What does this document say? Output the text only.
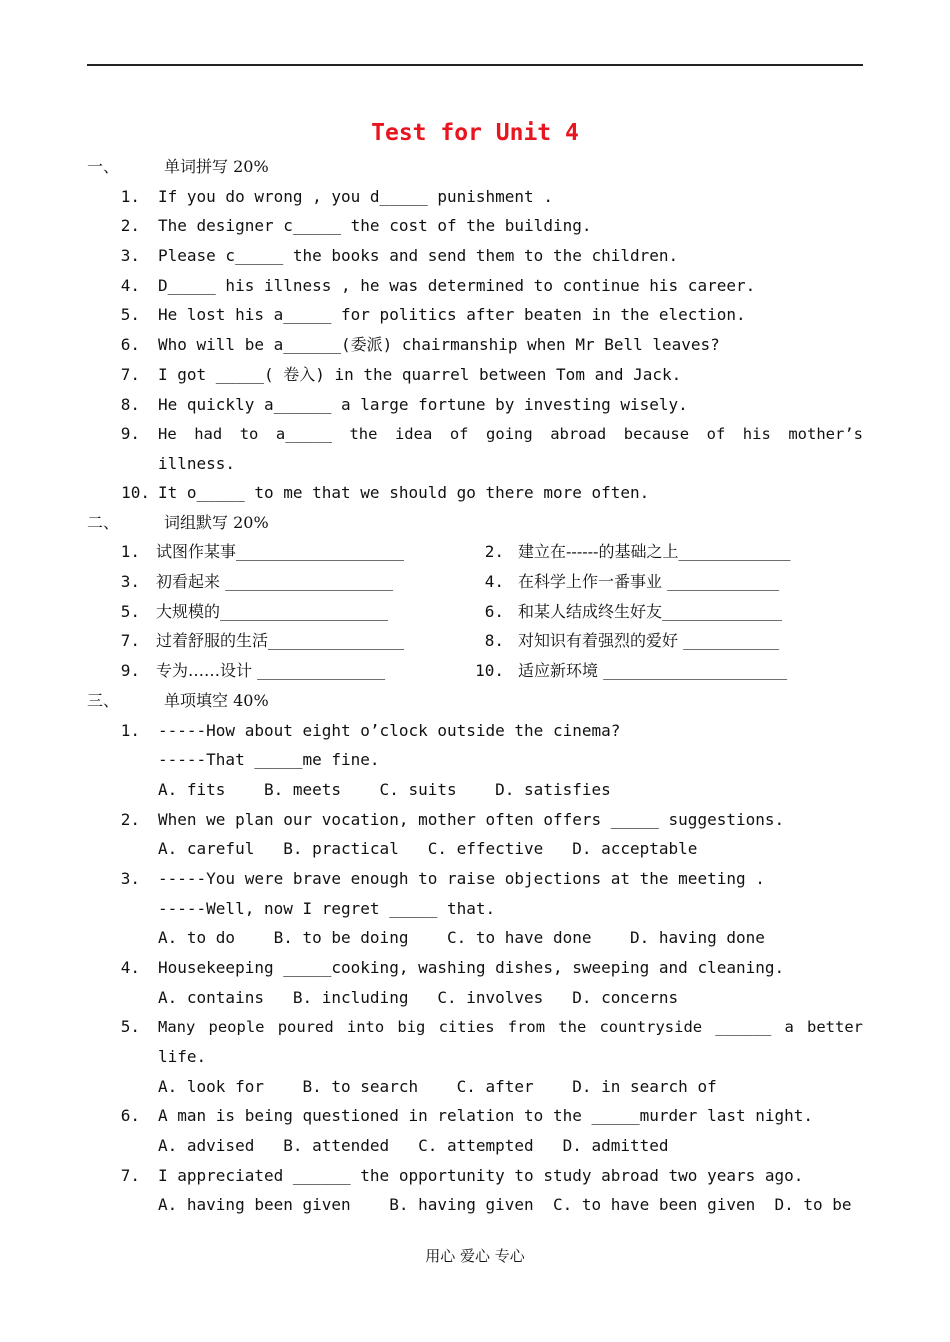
Test for Unit 4
一、	单词拼写 20%
1. If you do wrong , you d_____ punishment .
2. The designer c_____ the cost of the building.
3. Please c_____ the books and send them to the children.
4. D_____ his illness , he was determined to continue his career.
5. He lost his a_____ for politics after beaten in the election.
6. Who will be a______(委派) chairmanship when Mr Bell leaves?
7. I got _____( 卷入) in the quarrel between Tom and Jack.
8. He quickly a______ a large fortune by investing wisely.
9. He had to a_____ the idea of going abroad because of his mother’s
illness.
10. It o_____ to me that we should go there more often.
二、	词组默写 20%
1. 试图作某事_____________________	2. 建立在------的基础之上______________
3. 初看起来 _____________________	4. 在科学上作一番事业 ______________
5. 大规模的_____________________	6. 和某人结成终生好友_______________
7. 过着舒服的生活_________________	8. 对知识有着强烈的爱好 ____________
9. 专为……设计 ________________	10. 适应新环境 _______________________
三、	单项填空 40%
1. -----How about eight o’clock outside the cinema?
-----That _____me fine.
A. fits    B. meets    C. suits    D. satisfies
2. When we plan our vocation, mother often offers _____ suggestions.
A. careful   B. practical   C. effective   D. acceptable
3. -----You were brave enough to raise objections at the meeting .
-----Well, now I regret _____ that.
A. to do    B. to be doing    C. to have done    D. having done
4. Housekeeping _____cooking, washing dishes, sweeping and cleaning.
A. contains   B. including   C. involves   D. concerns
5. Many people poured into big cities from the countryside ______ a better
life.
A. look for    B. to search    C. after    D. in search of
6. A man is being questioned in relation to the _____murder last night.
A. advised   B. attended   C. attempted   D. admitted
7. I appreciated ______ the opportunity to study abroad two years ago.
A. having been given    B. having given  C. to have been given  D. to be
用心 爱心 专心
